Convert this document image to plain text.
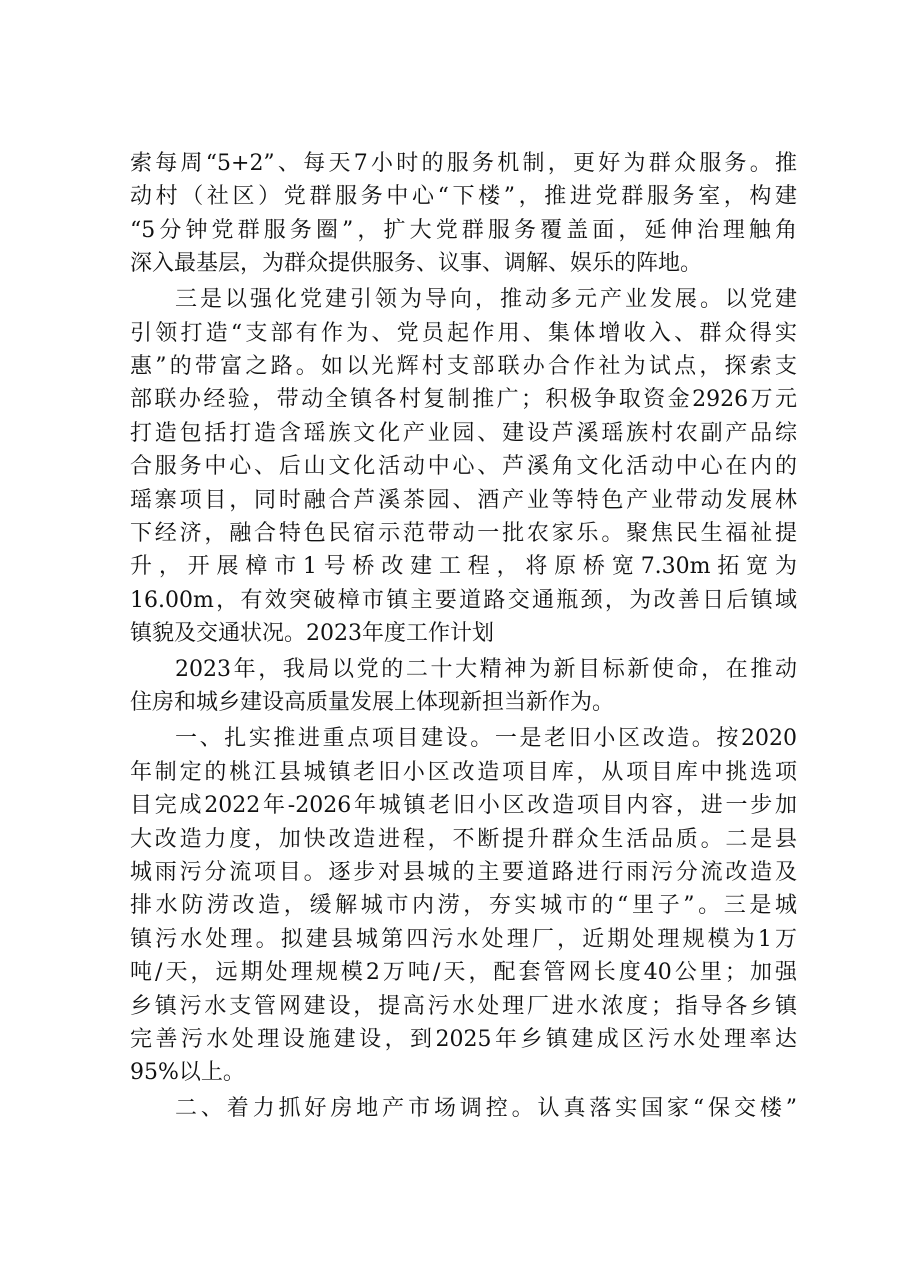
索每周“5+2”、每天7小时的服务机制，更好为群众服务。推
动村（社区）党群服务中心“下楼”，推进党群服务室，构建
“5分钟党群服务圈”，扩大党群服务覆盖面，延伸治理触角
深入最基层，为群众提供服务、议事、调解、娱乐的阵地。
三是以强化党建引领为导向，推动多元产业发展。以党建
引领打造“支部有作为、党员起作用、集体增收入、群众得实
惠”的带富之路。如以光辉村支部联办合作社为试点，探索支
部联办经验，带动全镇各村复制推广；积极争取资金2926万元
打造包括打造含瑶族文化产业园、建设芦溪瑶族村农副产品综
合服务中心、后山文化活动中心、芦溪角文化活动中心在内的
瑶寨项目，同时融合芦溪茶园、酒产业等特色产业带动发展林
下经济，融合特色民宿示范带动一批农家乐。聚焦民生福祉提
升，开展樟市1号桥改建工程，将原桥宽7.30m拓宽为
16.00m，有效突破樟市镇主要道路交通瓶颈，为改善日后镇域
镇貌及交通状况。2023年度工作计划
2023年，我局以党的二十大精神为新目标新使命，在推动
住房和城乡建设高质量发展上体现新担当新作为。
一、扎实推进重点项目建设。一是老旧小区改造。按2020
年制定的桃江县城镇老旧小区改造项目库，从项目库中挑选项
目完成2022年-2026年城镇老旧小区改造项目内容，进一步加
大改造力度，加快改造进程，不断提升群众生活品质。二是县
城雨污分流项目。逐步对县城的主要道路进行雨污分流改造及
排水防涝改造，缓解城市内涝，夯实城市的“里子”。三是城
镇污水处理。拟建县城第四污水处理厂，近期处理规模为1万
吨/天，远期处理规模2万吨/天，配套管网长度40公里；加强
乡镇污水支管网建设，提高污水处理厂进水浓度；指导各乡镇
完善污水处理设施建设，到2025年乡镇建成区污水处理率达
95%以上。
二、着力抓好房地产市场调控。认真落实国家“保交楼”
